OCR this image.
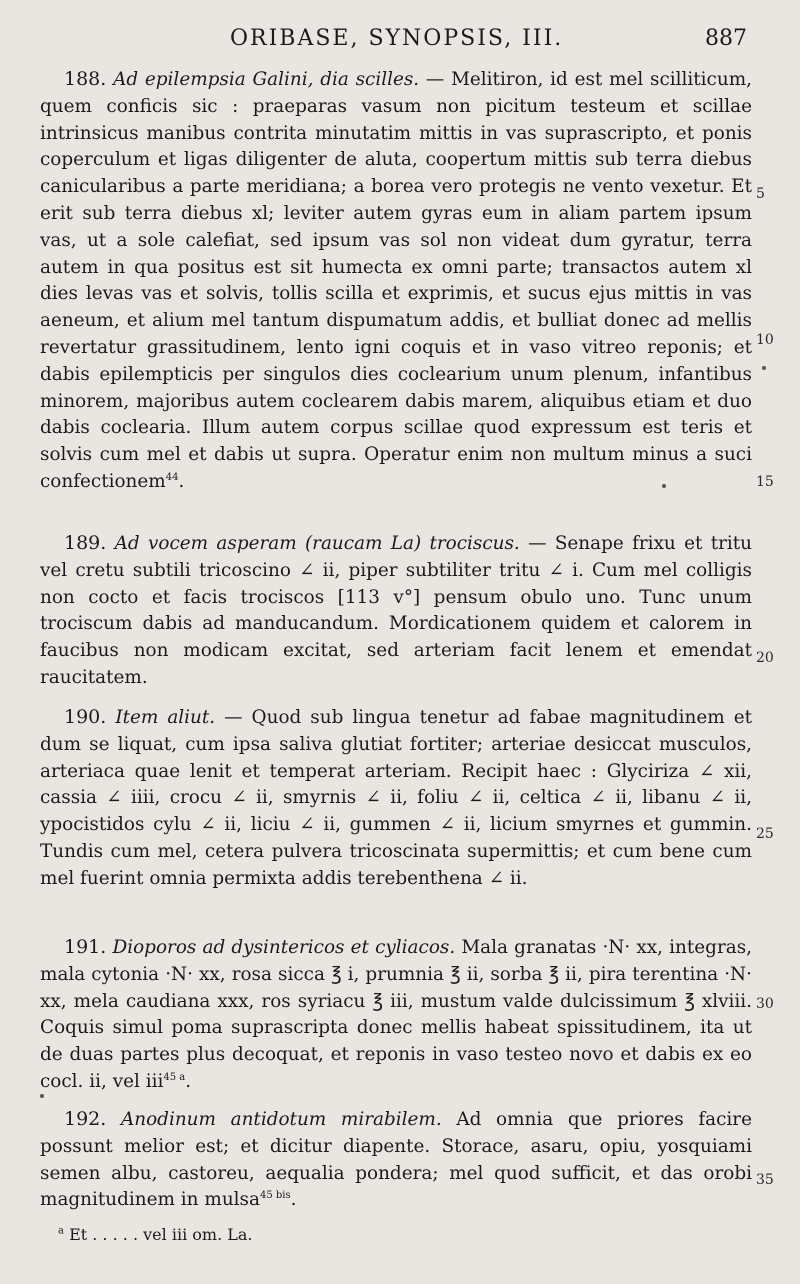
ORIBASE, SYNOPSIS, III.	887

188. Ad epilempsia Galini, dia scilles. — Melitiron, id est mel scilliticum, quem conficis sic : praeparas vasum non picitum testeum et scillae intrinsicus manibus contrita minutatim mittis in vas suprascripto, et ponis coperculum et ligas diligenter de aluta, coopertum mittis sub terra diebus canicularibus a parte meridiana; a borea vero protegis ne vento vexetur. Et erit sub terra diebus xl; leviter autem gyras eum in aliam partem ipsum vas, ut a sole calefiat, sed ipsum vas sol non videat dum gyratur, terra autem in qua positus est sit humecta ex omni parte; transactos autem xl dies levas vas et solvis, tollis scilla et exprimis, et sucus ejus mittis in vas aeneum, et alium mel tantum dispumatum addis, et bulliat donec ad mellis revertatur grassitudinem, lento igni coquis et in vaso vitreo reponis; et dabis epilempticis per singulos dies coclearium unum plenum, infantibus minorem, majoribus autem coclearem dabis marem, aliquibus etiam et duo dabis coclearia. Illum autem corpus scillae quod expressum est teris et solvis cum mel et dabis ut supra. Operatur enim non multum minus a suci confectionem$^{44}$.

189. Ad vocem asperam (raucam La) trociscus. — Senape frixu et tritu vel cretu subtili tricoscino ∠ ii, piper subtiliter tritu ∠ i. Cum mel colligis non cocto et facis trociscos [113 v°] pensum obulo uno. Tunc unum trociscum dabis ad manducandum. Mordicationem quidem et calorem in faucibus non modicam excitat, sed arteriam facit lenem et emendat raucitatem.

190. Item aliut. — Quod sub lingua tenetur ad fabae magnitudinem et dum se liquat, cum ipsa saliva glutiat fortiter; arteriae desiccat musculos, arteriaca quae lenit et temperat arteriam. Recipit haec : Glyciriza ∠ xii, cassia ∠ iiii, crocu ∠ ii, smyrnis ∠ ii, foliu ∠ ii, celtica ∠ ii, libanu ∠ ii, ypocistidos cylu ∠ ii, liciu ∠ ii, gummen ∠ ii, licium smyrnes et gummin. Tundis cum mel, cetera pulvera tricoscinata supermittis; et cum bene cum mel fuerint omnia permixta addis terebenthena ∠ ii.

191. Dioporos ad dysintericos et cyliacos. Mala granatas ·N· xx, integras, mala cytonia ·N· xx, rosa sicca ℥ i, prumnia ℥ ii, sorba ℥ ii, pira terentina ·N· xx, mela caudiana xxx, ros syriacu ℥ iii, mustum valde dulcissimum ℥ xlviii. Coquis simul poma suprascripta donec mellis habeat spissitudinem, ita ut de duas partes plus decoquat, et reponis in vaso testeo novo et dabis ex eo cocl. ii, vel iii$^{45 a}$.

192. Anodinum antidotum mirabilem. Ad omnia que priores facire possunt melior est; et dicitur diapente. Storace, asaru, opiu, yosquiami semen albu, castoreu, aequalia pondera; mel quod sufficit, et das orobi magnitudinem in mulsa$^{45 bis}$.

5
10
15
20
25
30
35
$^a$ Et . . . . . vel iii om. La.
